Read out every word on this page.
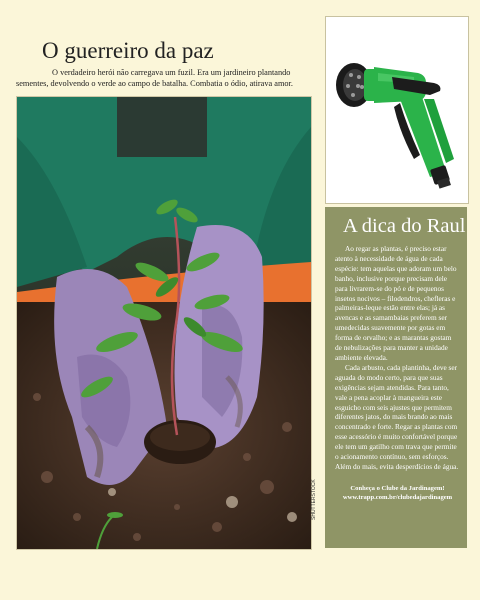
O guerreiro da paz

O verdadeiro herói não carregava um fuzil. Era um jardineiro plantando sementes, devolvendo o verde ao campo de batalha. Combatia o ódio, atirava amor.

SHUTTERSTOCK
A dica do Raul

Ao regar as plantas, é preciso estar atento à necessidade de água de cada espécie: tem aquelas que adoram um belo banho, inclusive porque precisam dele para livrarem-se do pó e de pequenos insetos nocivos – filodendros, chefleras e palmeiras-leque estão entre elas; já as avencas e as samambaias preferem ser umedecidas suavemente por gotas em forma de orvalho; e as marantas gostam de nebulizações para manter a unidade ambiente elevada.

Cada arbusto, cada plantinha, deve ser aguada do modo certo, para que suas exigências sejam atendidas. Para tanto, vale a pena acoplar à mangueira este esguicho com seis ajustes que permitem diferentes jatos, do mais brando ao mais concentrado e forte. Regar as plantas com esse acessório é muito confortável porque ele tem um gatilho com trava que permite o acionamento contínuo, sem esforços. Além do mais, evita desperdícios de água.

Conheça o Clube da Jardinagem!
www.trapp.com.br/clubedajardinagem
